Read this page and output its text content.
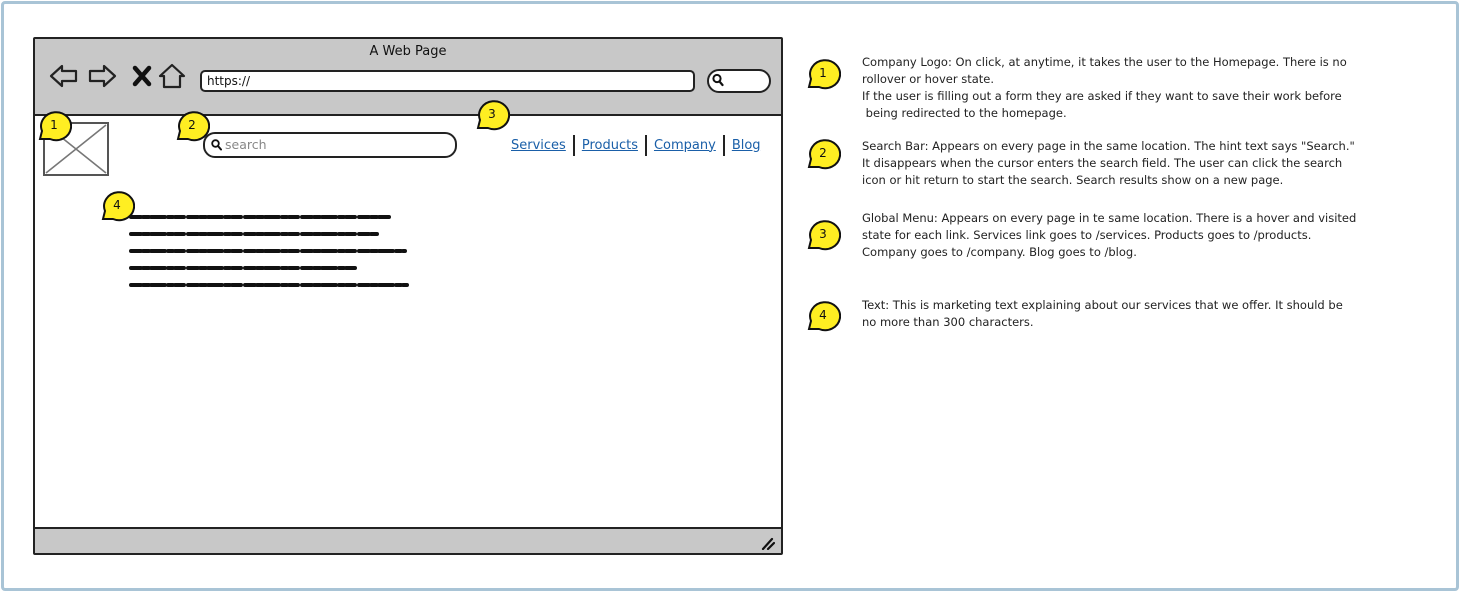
A Web Page
https://
search	Services	Products	Company	Blog
1	2
3
4
1
Company Logo: On click, at anytime, it takes the user to the Homepage. There is no
rollover or hover state.
If the user is filling out a form they are asked if they want to save their work before
being redirected to the homepage.
2	Search Bar: Appears on every page in the same location. The hint text says "Search."
It disappears when the cursor enters the search field. The user can click the search
icon or hit return to start the search. Search results show on a new page.
3
Global Menu: Appears on every page in te same location. There is a hover and visited
state for each link. Services link goes to /services. Products goes to /products.
Company goes to /company. Blog goes to /blog.
4
Text: This is marketing text explaining about our services that we offer. It should be
no more than 300 characters.
